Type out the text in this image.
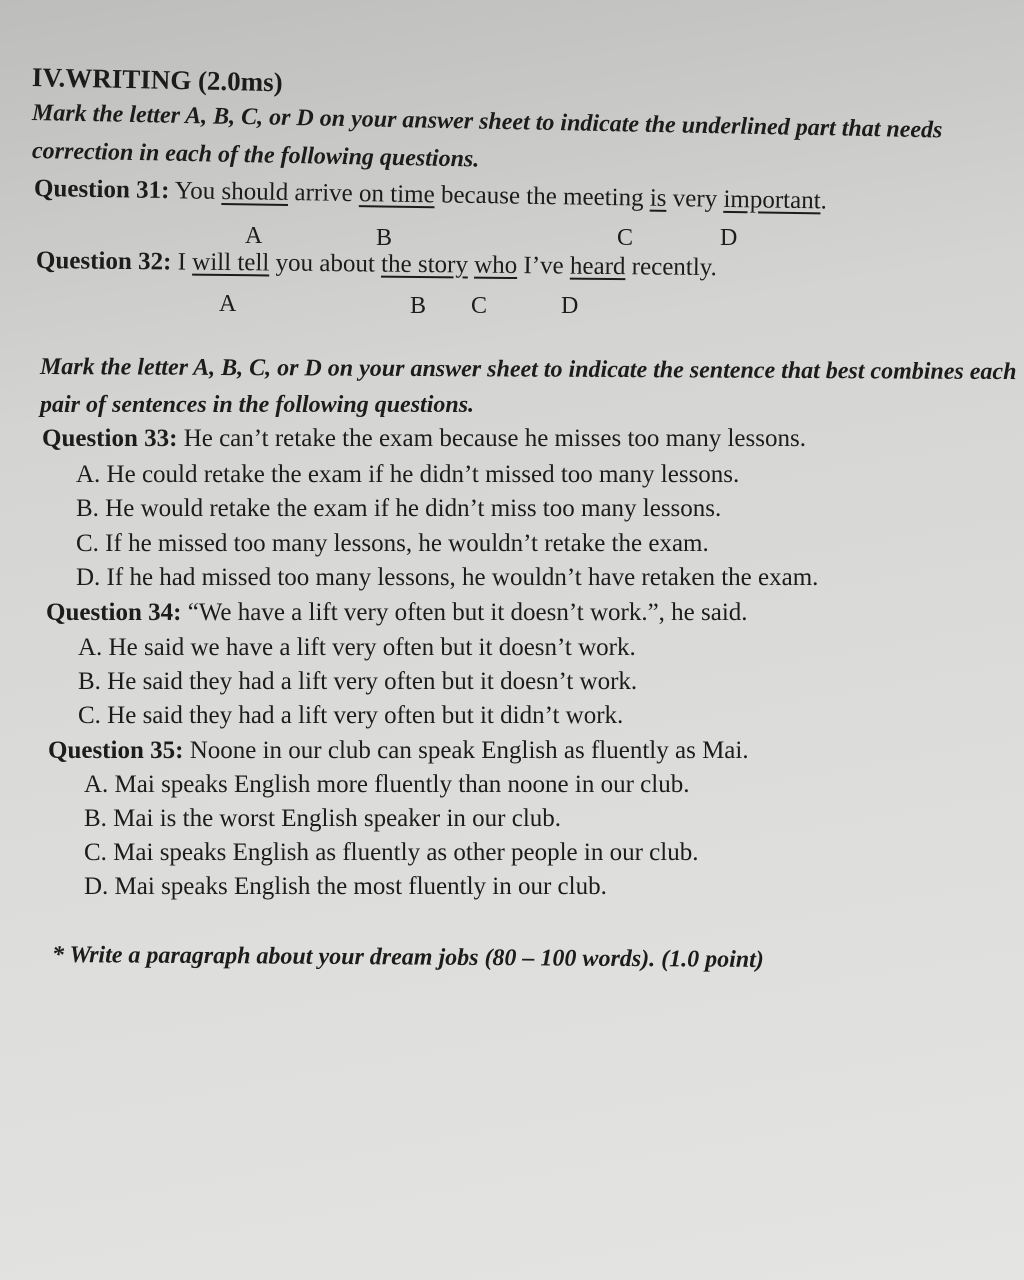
IV.WRITING (2.0ms)
Mark the letter A, B, C, or D on your answer sheet to indicate the underlined part that needs
correction in each of the following questions.
Question 31: You should arrive on time because the meeting is very important.
A	B	C	D
Question 32: I will tell you about the story who I’ve heard recently.
A	B C	D
Mark the letter A, B, C, or D on your answer sheet to indicate the sentence that best combines each
pair of sentences in the following questions.
Question 33: He can’t retake the exam because he misses too many lessons.
A. He could retake the exam if he didn’t missed too many lessons.
B. He would retake the exam if he didn’t miss too many lessons.
C. If he missed too many lessons, he wouldn’t retake the exam.
D. If he had missed too many lessons, he wouldn’t have retaken the exam.
Question 34: “We have a lift very often but it doesn’t work.”, he said.
A. He said we have a lift very often but it doesn’t work.
B. He said they had a lift very often but it doesn’t work.
C. He said they had a lift very often but it didn’t work.
Question 35: Noone in our club can speak English as fluently as Mai.
A. Mai speaks English more fluently than noone in our club.
B. Mai is the worst English speaker in our club.
C. Mai speaks English as fluently as other people in our club.
D. Mai speaks English the most fluently in our club.
* Write a paragraph about your dream jobs (80 – 100 words). (1.0 point)
